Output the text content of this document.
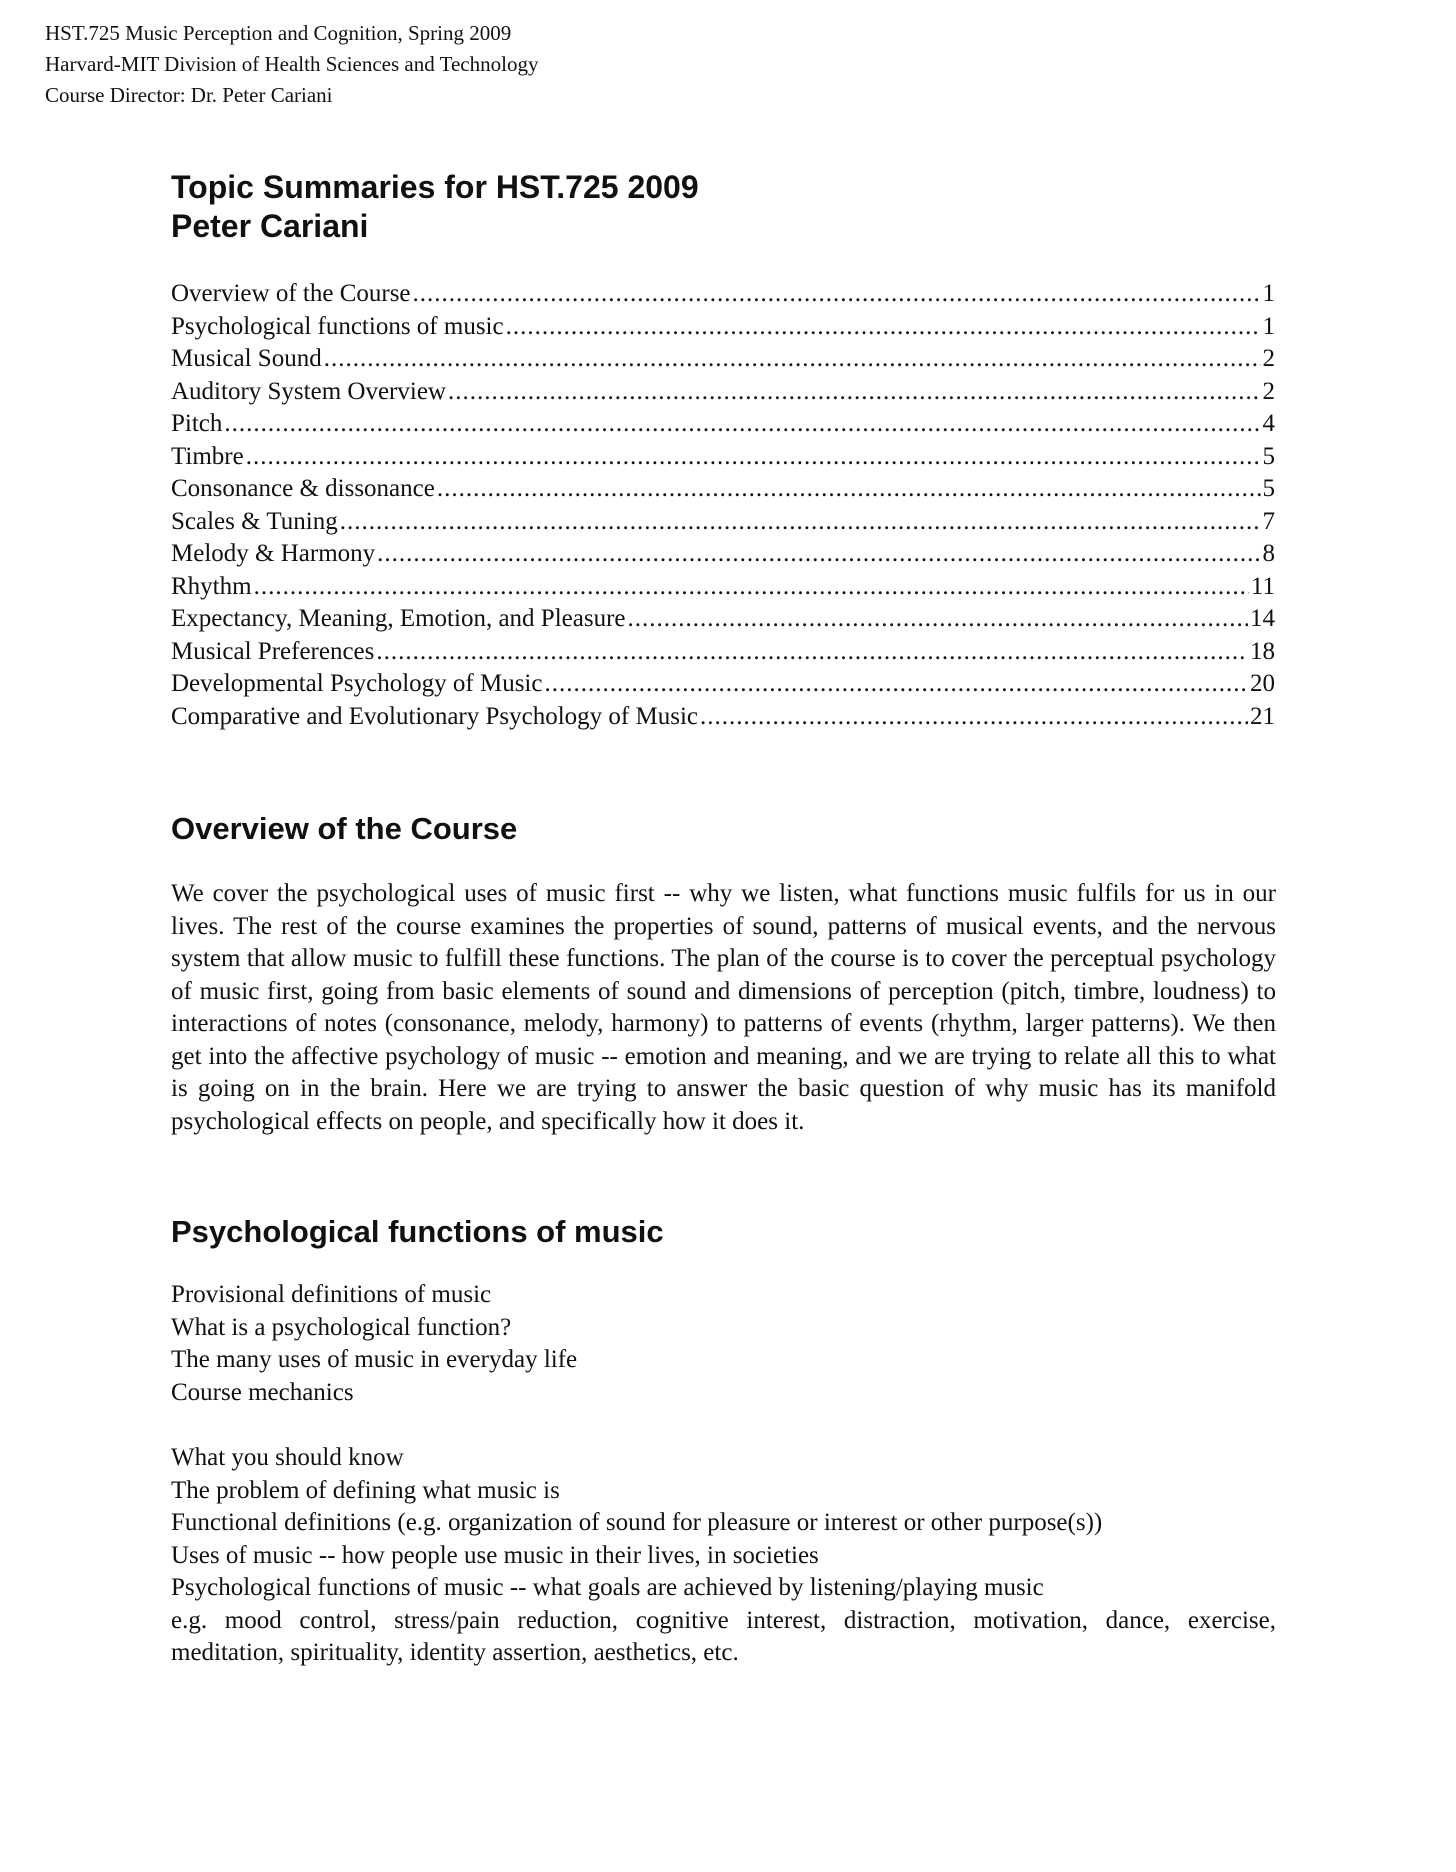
HST.725 Music Perception and Cognition, Spring 2009
Harvard-MIT Division of Health Sciences and Technology
Course Director: Dr. Peter Cariani
Topic Summaries for HST.725 2009
Peter Cariani
Overview of the Course .....	1
Psychological functions of music .....	1
Musical Sound .....	2
Auditory System Overview .....	2
Pitch .....	4
Timbre .....	5
Consonance & dissonance .....	5
Scales & Tuning .....	7
Melody & Harmony .....	8
Rhythm .....	11
Expectancy, Meaning, Emotion, and Pleasure .....	14
Musical Preferences .....	18
Developmental Psychology of Music .....	20
Comparative and Evolutionary Psychology of Music .....	21
Overview of the Course

We cover the psychological uses of music first -- why we listen, what functions music fulfils for us in our lives. The rest of the course examines the properties of sound, patterns of musical events, and the nervous system that allow music to fulfill these functions. The plan of the course is to cover the perceptual psychology of music first, going from basic elements of sound and dimensions of perception (pitch, timbre, loudness) to interactions of notes (consonance, melody, harmony) to patterns of events (rhythm, larger patterns). We then get into the affective psychology of music -- emotion and meaning, and we are trying to relate all this to what is going on in the brain. Here we are trying to answer the basic question of why music has its manifold psychological effects on people, and specifically how it does it.

Psychological functions of music
Provisional definitions of music
What is a psychological function?
The many uses of music in everyday life
Course mechanics
What you should know
The problem of defining what music is
Functional definitions (e.g. organization of sound for pleasure or interest or other purpose(s))
Uses of music -- how people use music in their lives, in societies
Psychological functions of music -- what goals are achieved by listening/playing music
e.g. mood control, stress/pain reduction, cognitive interest, distraction, motivation, dance, exercise, meditation, spirituality, identity assertion, aesthetics, etc.
